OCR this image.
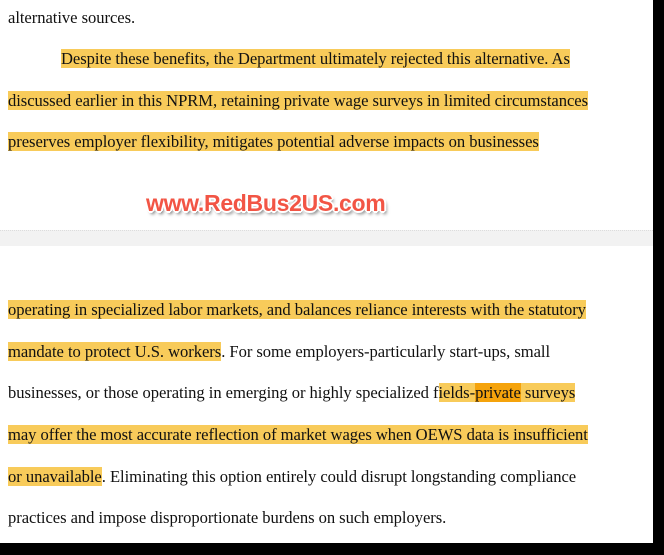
alternative sources.
Despite these benefits, the Department ultimately rejected this alternative. As
discussed earlier in this NPRM, retaining private wage surveys in limited circumstances
preserves employer flexibility, mitigates potential adverse impacts on businesses
www.RedBus2US.com
operating in specialized labor markets, and balances reliance interests with the statutory
mandate to protect U.S. workers. For some employers-particularly start-ups, small
businesses, or those operating in emerging or highly specialized fields-private surveys
may offer the most accurate reflection of market wages when OEWS data is insufficient
or unavailable. Eliminating this option entirely could disrupt longstanding compliance
practices and impose disproportionate burdens on such employers.
